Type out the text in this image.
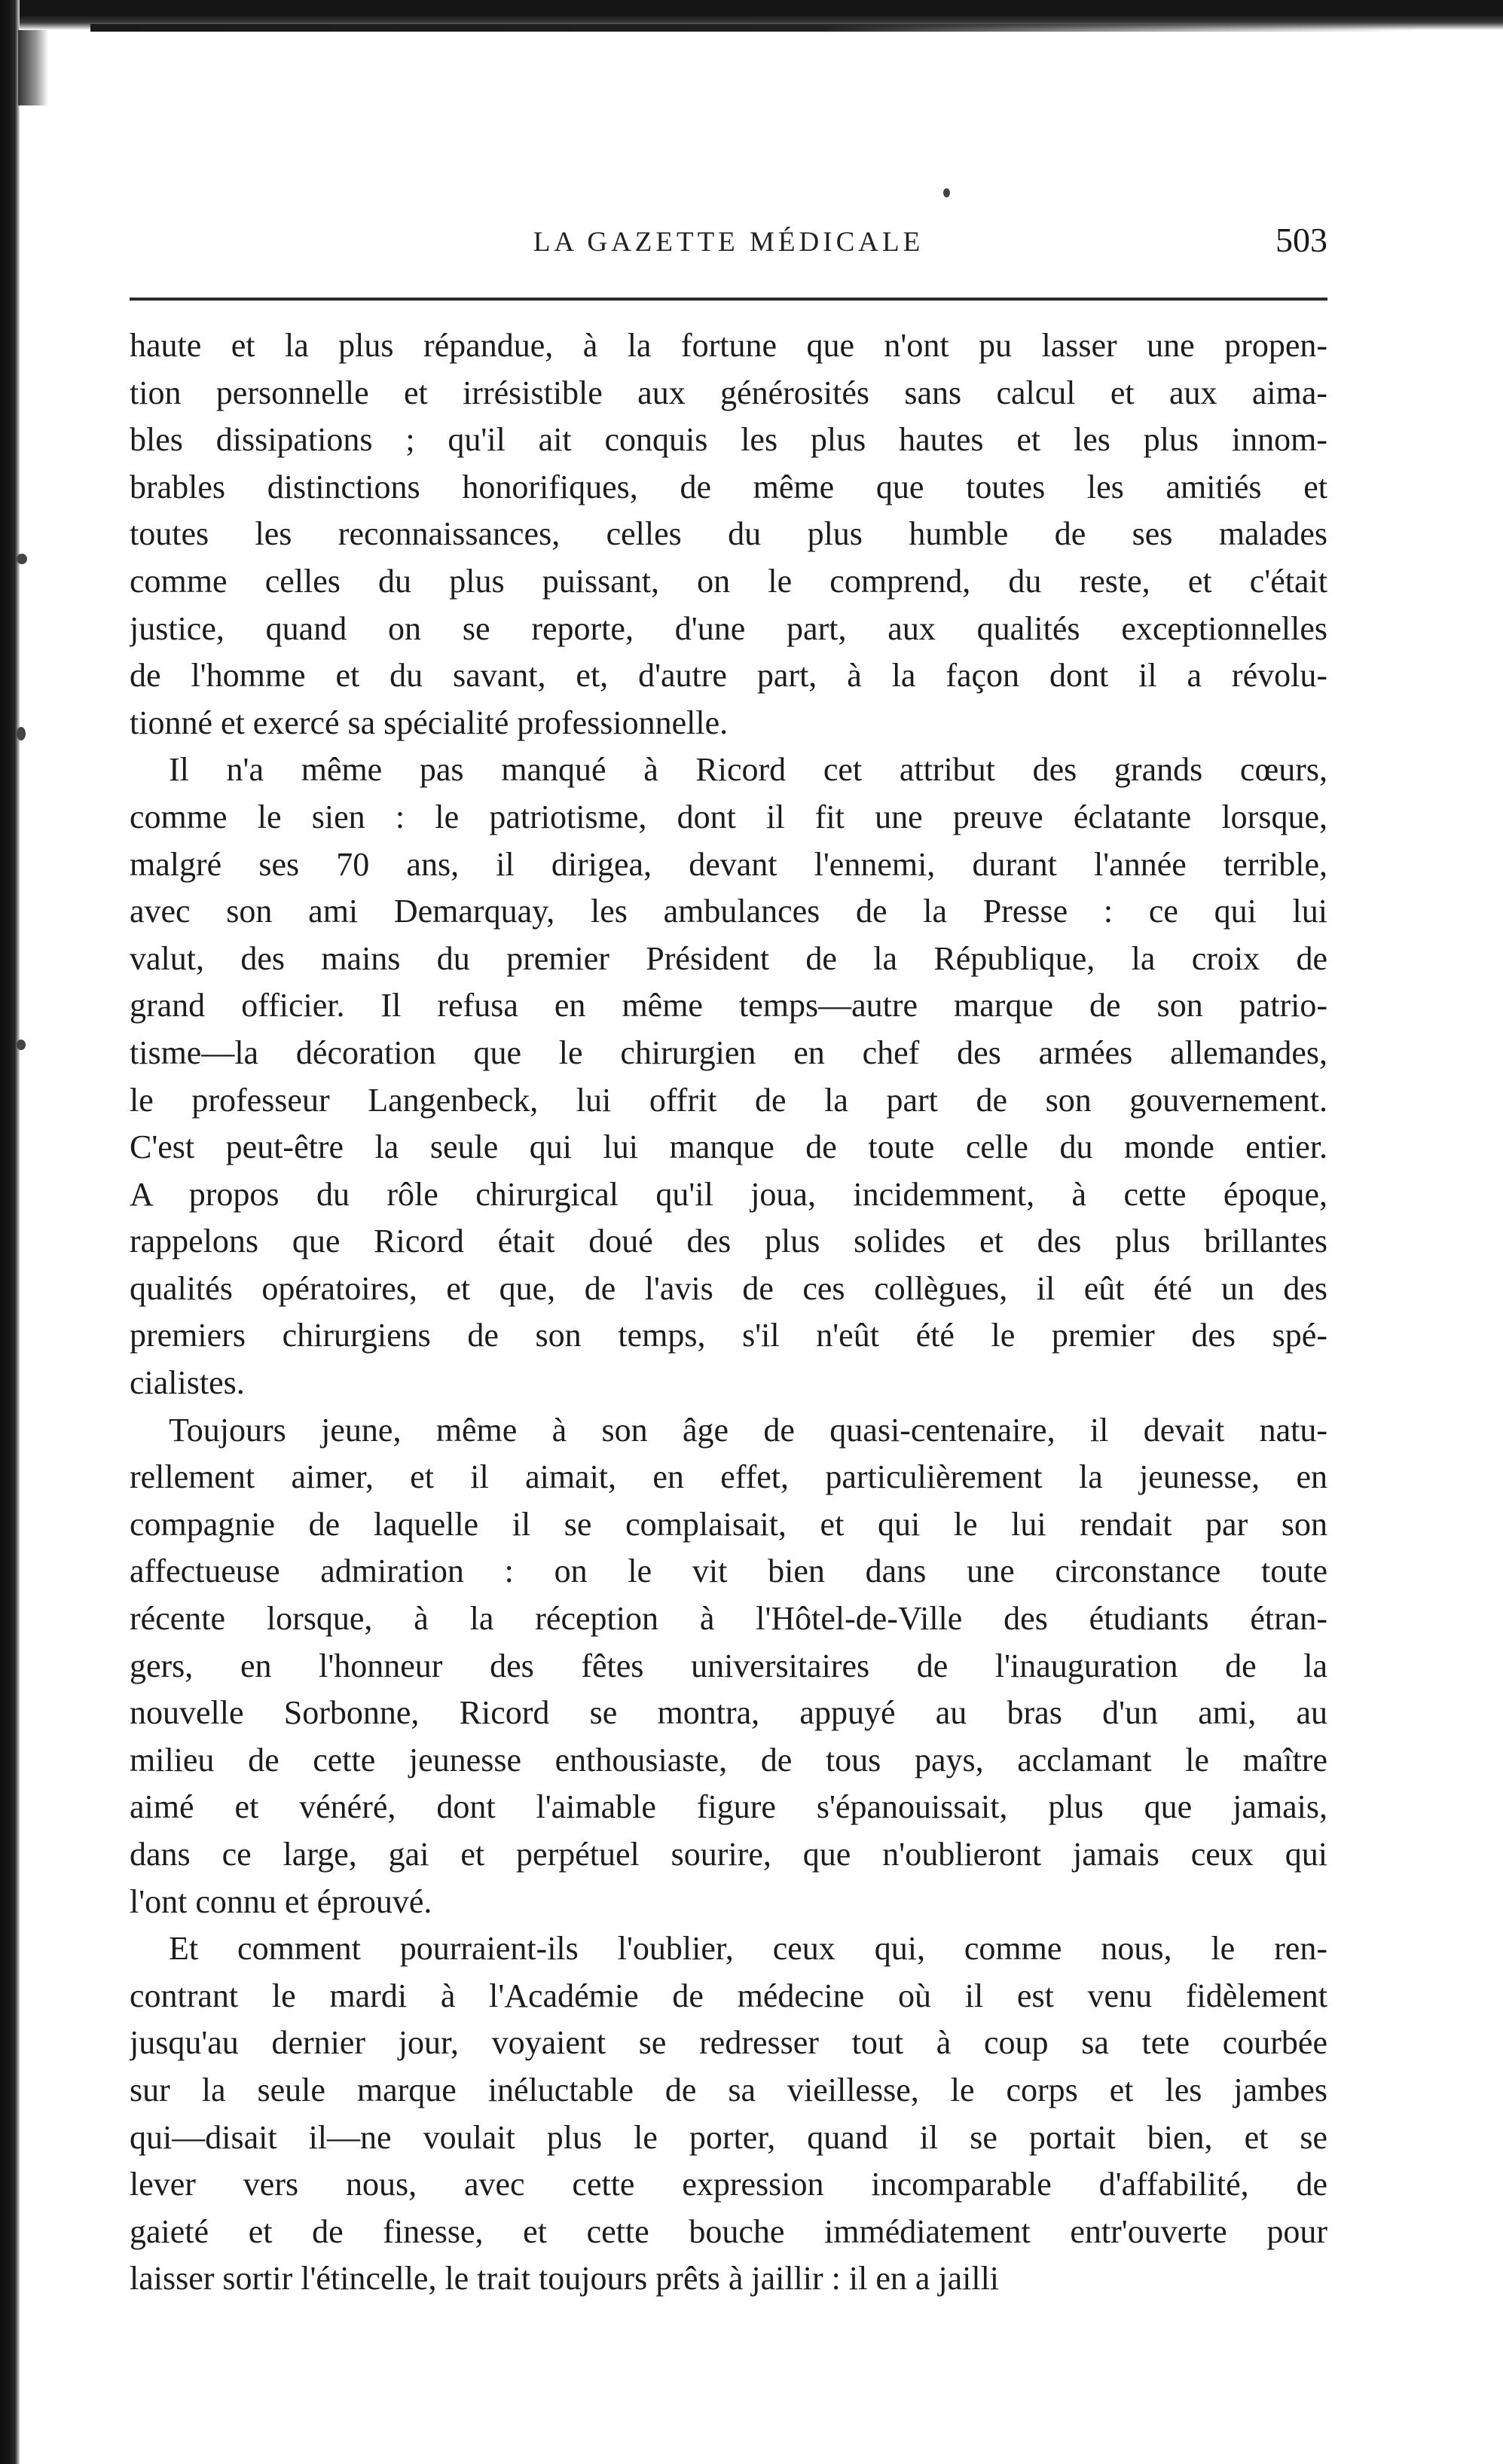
LA GAZETTE MÉDICALE	503
haute et la plus répandue, à la fortune que n'ont pu lasser une propen-
tion personnelle et irrésistible aux générosités sans calcul et aux aima-
bles dissipations ; qu'il ait conquis les plus hautes et les plus innom-
brables distinctions honorifiques, de même que toutes les amitiés et
toutes les reconnaissances, celles du plus humble de ses malades
comme celles du plus puissant, on le comprend, du reste, et c'était
justice, quand on se reporte, d'une part, aux qualités exceptionnelles
de l'homme et du savant, et, d'autre part, à la façon dont il a révolu-
tionné et exercé sa spécialité professionnelle.
Il n'a même pas manqué à Ricord cet attribut des grands cœurs,
comme le sien : le patriotisme, dont il fit une preuve éclatante lorsque,
malgré ses 70 ans, il dirigea, devant l'ennemi, durant l'année terrible,
avec son ami Demarquay, les ambulances de la Presse : ce qui lui
valut, des mains du premier Président de la République, la croix de
grand officier. Il refusa en même temps—autre marque de son patrio-
tisme—la décoration que le chirurgien en chef des armées allemandes,
le professeur Langenbeck, lui offrit de la part de son gouvernement.
C'est peut-être la seule qui lui manque de toute celle du monde entier.
A propos du rôle chirurgical qu'il joua, incidemment, à cette époque,
rappelons que Ricord était doué des plus solides et des plus brillantes
qualités opératoires, et que, de l'avis de ces collègues, il eût été un des
premiers chirurgiens de son temps, s'il n'eût été le premier des spé-
cialistes.
Toujours jeune, même à son âge de quasi-centenaire, il devait natu-
rellement aimer, et il aimait, en effet, particulièrement la jeunesse, en
compagnie de laquelle il se complaisait, et qui le lui rendait par son
affectueuse admiration : on le vit bien dans une circonstance toute
récente lorsque, à la réception à l'Hôtel-de-Ville des étudiants étran-
gers, en l'honneur des fêtes universitaires de l'inauguration de la
nouvelle Sorbonne, Ricord se montra, appuyé au bras d'un ami, au
milieu de cette jeunesse enthousiaste, de tous pays, acclamant le maître
aimé et vénéré, dont l'aimable figure s'épanouissait, plus que jamais,
dans ce large, gai et perpétuel sourire, que n'oublieront jamais ceux qui
l'ont connu et éprouvé.
Et comment pourraient-ils l'oublier, ceux qui, comme nous, le ren-
contrant le mardi à l'Académie de médecine où il est venu fidèlement
jusqu'au dernier jour, voyaient se redresser tout à coup sa tete courbée
sur la seule marque inéluctable de sa vieillesse, le corps et les jambes
qui—disait il—ne voulait plus le porter, quand il se portait bien, et se
lever vers nous, avec cette expression incomparable d'affabilité, de
gaieté et de finesse, et cette bouche immédiatement entr'ouverte pour
laisser sortir l'étincelle, le trait toujours prêts à jaillir : il en a jailli
